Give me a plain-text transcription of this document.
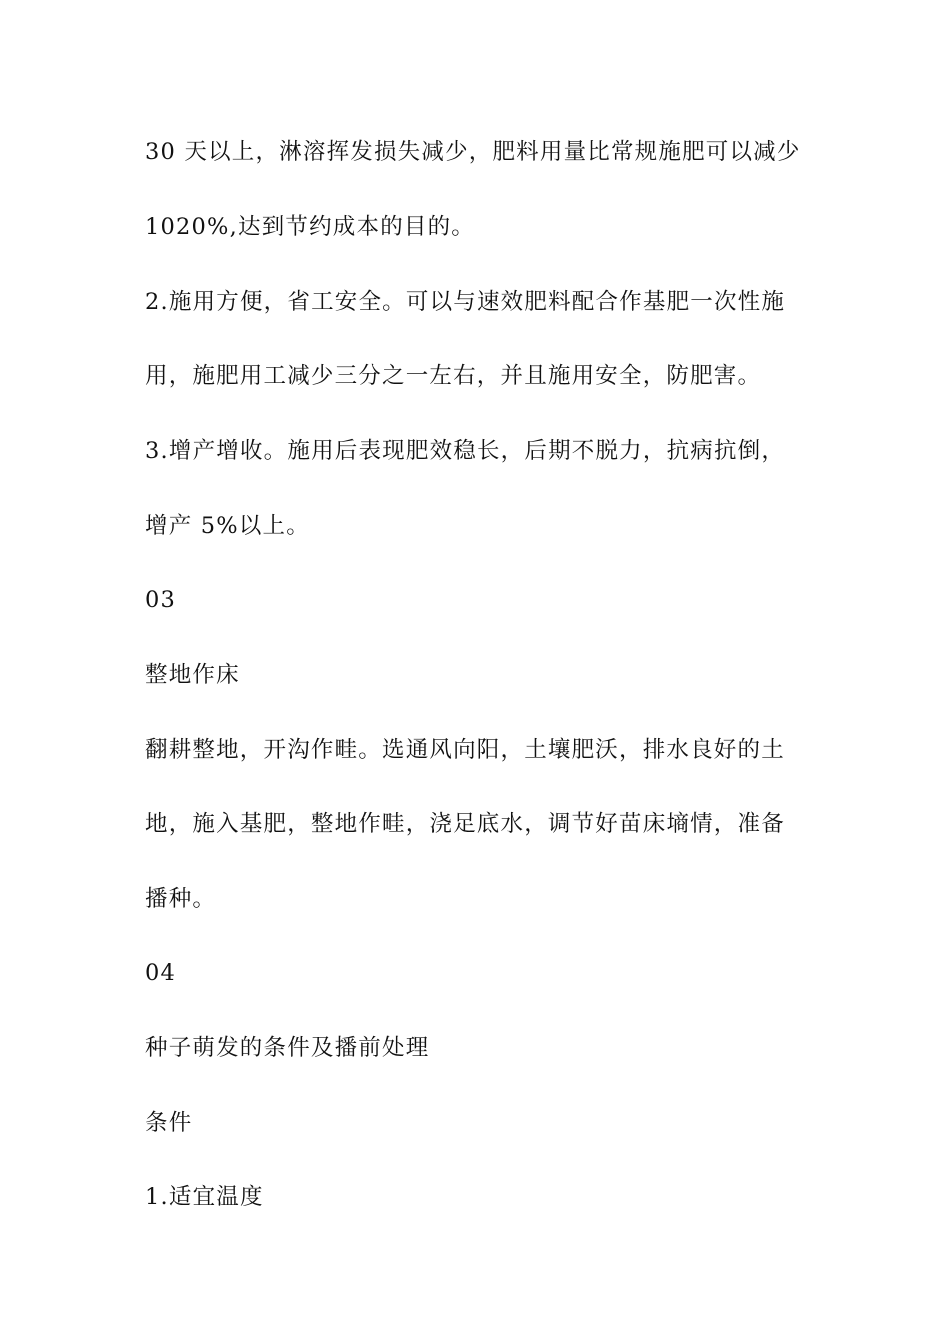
30 天以上，淋溶挥发损失减少，肥料用量比常规施肥可以减少
1020%,达到节约成本的目的。
2.施用方便，省工安全。可以与速效肥料配合作基肥一次性施
用，施肥用工减少三分之一左右，并且施用安全，防肥害。
3.增产增收。施用后表现肥效稳长，后期不脱力，抗病抗倒，
增产 5%以上。
03
整地作床
翻耕整地，开沟作畦。选通风向阳，土壤肥沃，排水良好的土
地，施入基肥，整地作畦，浇足底水，调节好苗床墒情，准备
播种。
04
种子萌发的条件及播前处理
条件
1.适宜温度
